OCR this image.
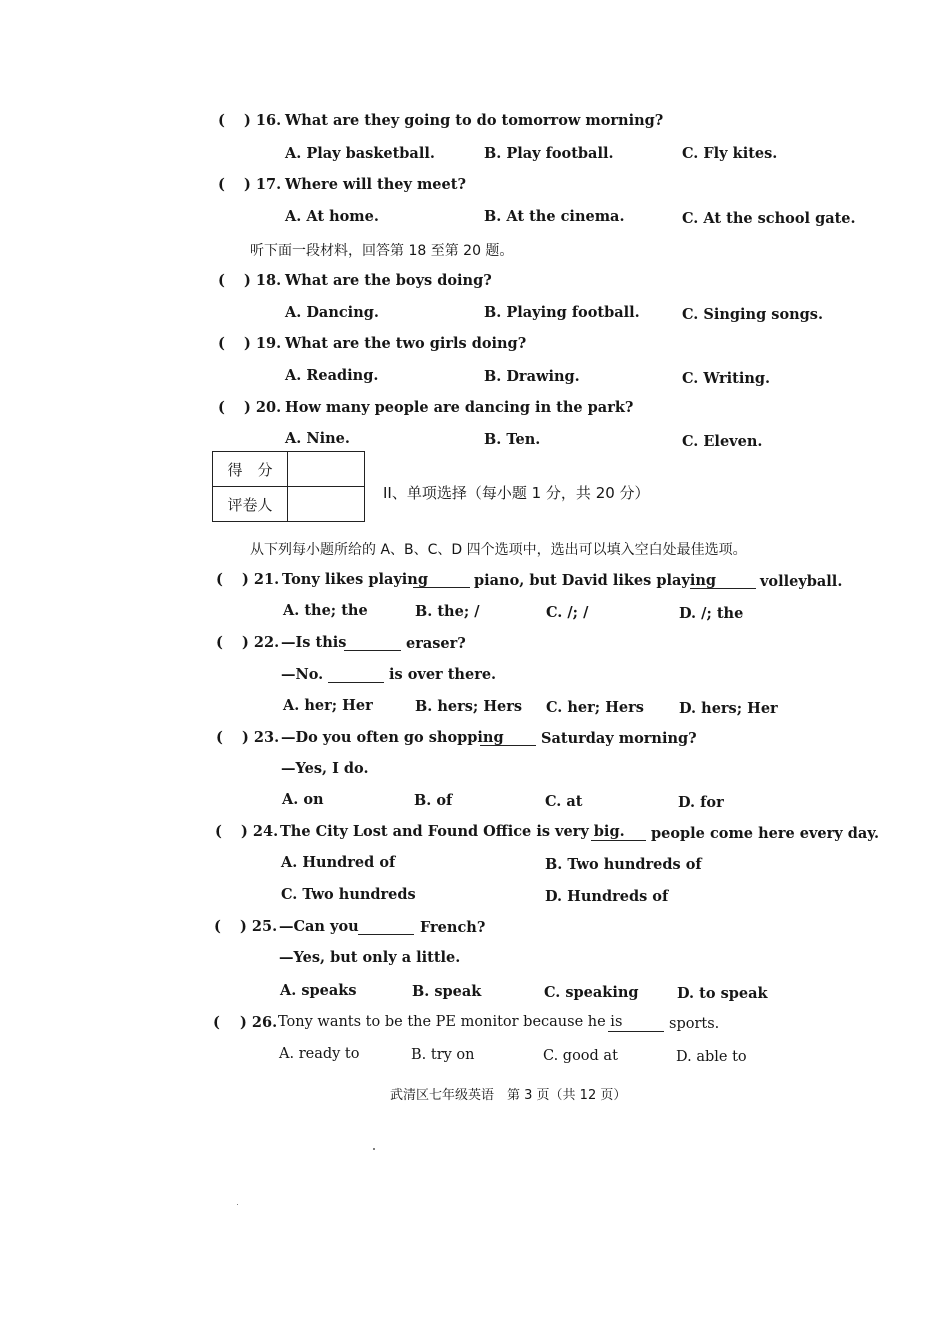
( ) 16. What are they going to do tomorrow morning?
A. Play basketball.	B. Play football.	C. Fly kites.
( ) 17. Where will they meet?
A. At home.	B. At the cinema.	C. At the school gate.
听下面一段材料，回答第 18 至第 20 题。
( ) 18. What are the boys doing?
A. Dancing.	B. Playing football.	C. Singing songs.
( ) 19. What are the two girls doing?
A. Reading.	B. Drawing.	C. Writing.
( ) 20. How many people are dancing in the park?
A. Nine.	B. Ten.	C. Eleven.
得　分	
评卷人	
II、单项选择（每小题 1 分，共 20 分）
从下列每小题所给的 A、B、C、D 四个选项中，选出可以填入空白处最佳选项。
( ) 21. Tony likes playing	piano, but David likes playing	volleyball.
A. the; the	B. the; /	C. /; /	D. /; the
( ) 22. —Is this	eraser?
—No.	is over there.
A. her; Her	B. hers; Hers C. her; Hers D. hers; Her
( ) 23. —Do you often go shopping	Saturday morning?
—Yes, I do.
A. on	B. of	C. at	D. for
( ) 24. The City Lost and Found Office is very big. people come here every day.
A. Hundred of	B. Two hundreds of
C. Two hundreds	D. Hundreds of
( ) 25. —Can you	French?
—Yes, but only a little.
A. speaks	B. speak	C. speaking	D. to speak
( ) 26. Tony wants to be the PE monitor because he is	sports.
A. ready to	B. try on	C. good at	D. able to
武清区七年级英语　第 3 页（共 12 页）
